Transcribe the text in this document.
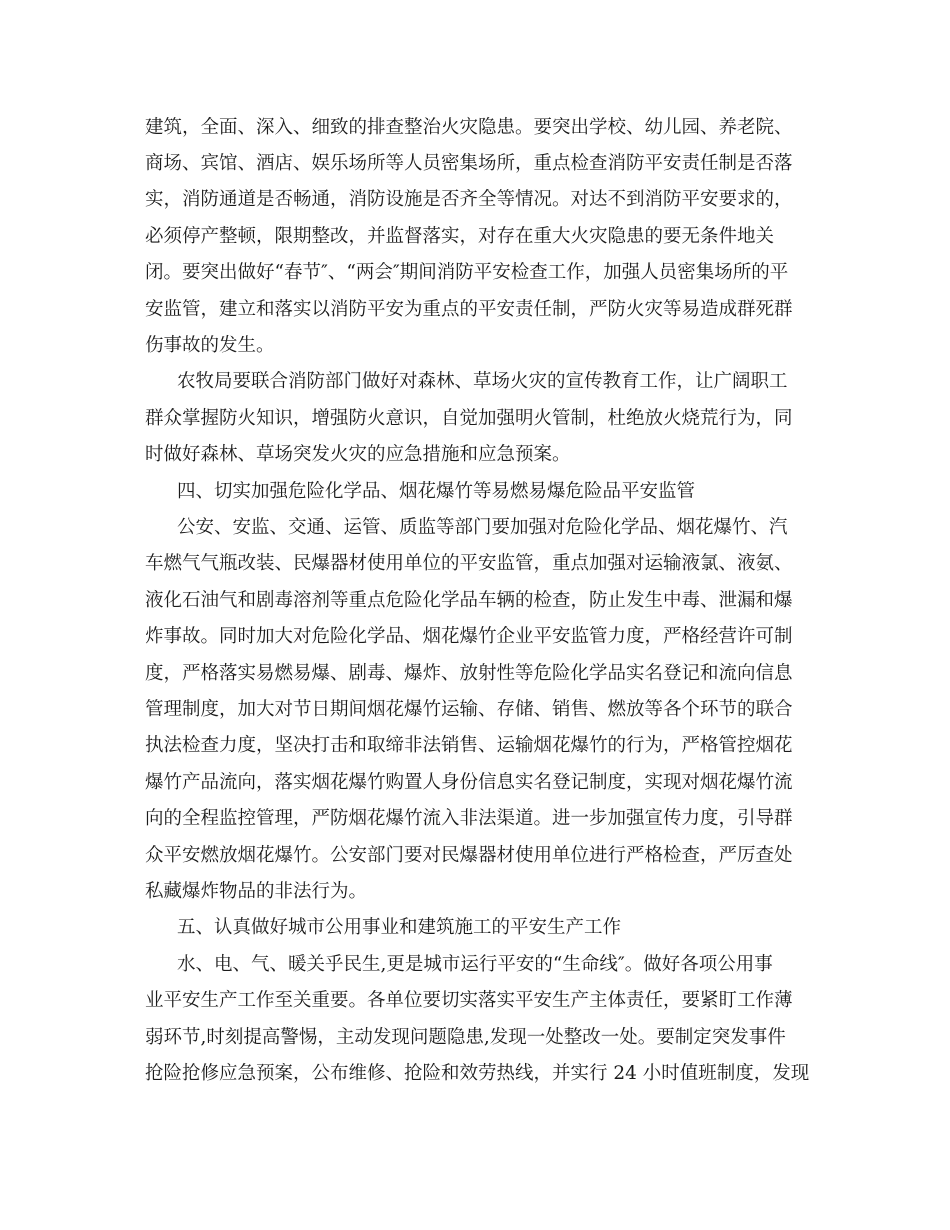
建筑，全面、深入、细致的排查整治火灾隐患。要突出学校、幼儿园、养老院、
商场、宾馆、酒店、娱乐场所等人员密集场所，重点检查消防平安责任制是否落
实，消防通道是否畅通，消防设施是否齐全等情况。对达不到消防平安要求的，
必须停产整顿，限期整改，并监督落实，对存在重大火灾隐患的要无条件地关
闭。要突出做好“春节″、“两会″期间消防平安检查工作，加强人员密集场所的平
安监管，建立和落实以消防平安为重点的平安责任制，严防火灾等易造成群死群
伤事故的发生。
农牧局要联合消防部门做好对森林、草场火灾的宣传教育工作，让广阔职工
群众掌握防火知识，增强防火意识，自觉加强明火管制，杜绝放火烧荒行为，同
时做好森林、草场突发火灾的应急措施和应急预案。
四、切实加强危险化学品、烟花爆竹等易燃易爆危险品平安监管
公安、安监、交通、运管、质监等部门要加强对危险化学品、烟花爆竹、汽
车燃气气瓶改装、民爆器材使用单位的平安监管，重点加强对运输液氯、液氨、
液化石油气和剧毒溶剂等重点危险化学品车辆的检查，防止发生中毒、泄漏和爆
炸事故。同时加大对危险化学品、烟花爆竹企业平安监管力度，严格经营许可制
度，严格落实易燃易爆、剧毒、爆炸、放射性等危险化学品实名登记和流向信息
管理制度，加大对节日期间烟花爆竹运输、存储、销售、燃放等各个环节的联合
执法检查力度，坚决打击和取缔非法销售、运输烟花爆竹的行为，严格管控烟花
爆竹产品流向，落实烟花爆竹购置人身份信息实名登记制度，实现对烟花爆竹流
向的全程监控管理，严防烟花爆竹流入非法渠道。进一步加强宣传力度，引导群
众平安燃放烟花爆竹。公安部门要对民爆器材使用单位进行严格检查，严厉查处
私藏爆炸物品的非法行为。
五、认真做好城市公用事业和建筑施工的平安生产工作
水、电、气、暖关乎民生,更是城市运行平安的“生命线″。做好各项公用事
业平安生产工作至关重要。各单位要切实落实平安生产主体责任，要紧盯工作薄
弱环节,时刻提高警惕，主动发现问题隐患,发现一处整改一处。要制定突发事件
抢险抢修应急预案，公布维修、抢险和效劳热线，并实行 24 小时值班制度，发现
